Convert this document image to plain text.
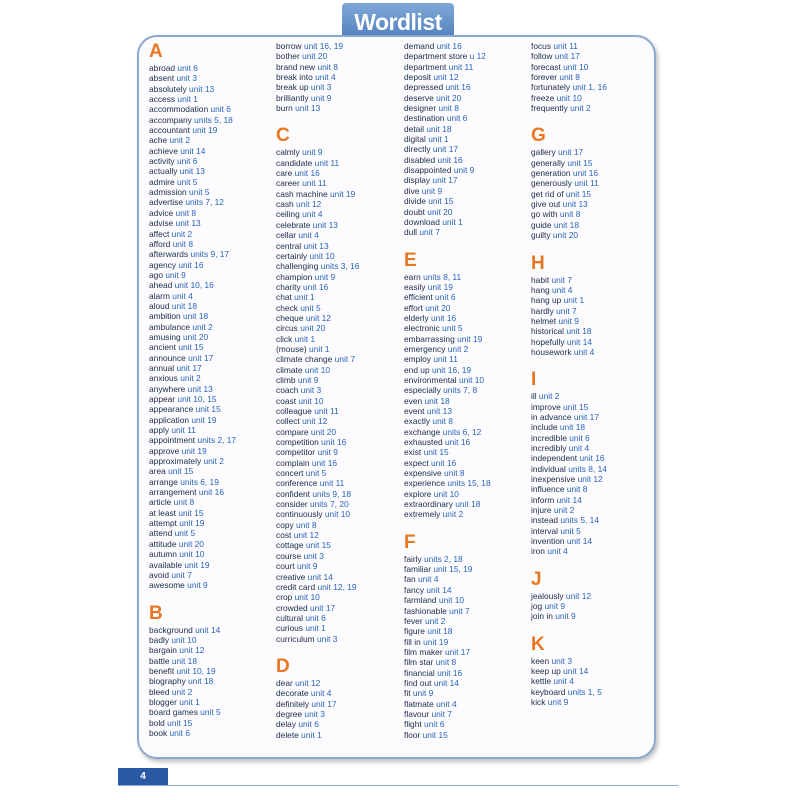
Wordlist
A
abroad unit 6
absent unit 3
absolutely unit 13
access unit 1
accommodation unit 6
accompany units 5, 18
accountant unit 19
ache unit 2
achieve unit 14
activity unit 6
actually unit 13
admire unit 5
admission unit 5
advertise units 7, 12
advice unit 8
advise unit 13
affect unit 2
afford unit 8
afterwards units 9, 17
agency unit 16
ago unit 9
ahead unit 10, 16
alarm unit 4
aloud unit 18
ambition unit 18
ambulance unit 2
amusing unit 20
ancient unit 15
announce unit 17
annual unit 17
anxious unit 2
anywhere unit 13
appear unit 10, 15
appearance unit 15
application unit 19
apply unit 11
appointment units 2, 17
approve unit 19
approximately unit 2
area unit 15
arrange units 6, 19
arrangement unit 16
article unit 8
at least unit 15
attempt unit 19
attend unit 5
attitude unit 20
autumn unit 10
available unit 19
avoid unit 7
awesome unit 9
B
background unit 14
badly unit 10
bargain unit 12
battle unit 18
benefit unit 10, 19
biography unit 18
bleed unit 2
blogger unit 1
board games unit 5
bold unit 15
book unit 6
borrow unit 16, 19
bother unit 20
brand new unit 8
break into unit 4
break up unit 3
brilliantly unit 9
burn unit 13
C
calmly unit 9
candidate unit 11
care unit 16
career unit 11
cash machine unit 19
cash unit 12
ceiling unit 4
celebrate unit 13
cellar unit 4
central unit 13
certainly unit 10
challenging units 3, 16
champion unit 9
charity unit 16
chat unit 1
check unit 5
cheque unit 12
circus unit 20
click unit 1
(mouse) unit 1
climate change unit 7
climate unit 10
climb unit 9
coach unit 3
coast unit 10
colleague unit 11
collect unit 12
compare unit 20
competition unit 16
competitor unit 9
complain unit 16
concert unit 5
conference unit 11
confident units 9, 18
consider units 7, 20
continuously unit 10
copy unit 8
cost unit 12
cottage unit 15
course unit 3
court unit 9
creative unit 14
credit card unit 12, 19
crop unit 10
crowded unit 17
cultural unit 6
curious unit 1
curriculum unit 3
D
dear unit 12
decorate unit 4
definitely unit 17
degree unit 3
delay unit 6
delete unit 1
demand unit 16
department store u 12
department unit 11
deposit unit 12
depressed unit 16
deserve unit 20
designer unit 8
destination unit 6
detail unit 18
digital unit 1
directly unit 17
disabled unit 16
disappointed unit 9
display unit 17
dive unit 9
divide unit 15
doubt unit 20
download unit 1
dull unit 7
E
earn units 8, 11
easily unit 19
efficient unit 6
effort unit 20
elderly unit 16
electronic unit 5
embarrassing unit 19
emergency unit 2
employ unit 11
end up unit 16, 19
environmental unit 10
especially units 7, 8
even unit 18
event unit 13
exactly unit 8
exchange units 6, 12
exhausted unit 16
exist unit 15
expect unit 16
expensive unit 8
experience units 15, 18
explore unit 10
extraordinary unit 18
extremely unit 2
F
fairly units 2, 18
familiar unit 15, 19
fan unit 4
fancy unit 14
farmland unit 10
fashionable unit 7
fever unit 2
figure unit 18
fill in unit 19
film maker unit 17
film star unit 8
financial unit 16
find out unit 14
fit unit 9
flatmate unit 4
flavour unit 7
flight unit 6
floor unit 15
focus unit 11
follow unit 17
forecast unit 10
forever unit 8
fortunately unit 1, 16
freeze unit 10
frequently unit 2
G
gallery unit 17
generally unit 15
generation unit 16
generously unit 11
get rid of unit 15
give out unit 13
go with unit 8
guide unit 18
guilty unit 20
H
habit unit 7
hang unit 4
hang up unit 1
hardly unit 7
helmet unit 9
historical unit 18
hopefully unit 14
housework unit 4
I
ill unit 2
improve unit 15
in advance unit 17
include unit 18
incredible unit 6
incredibly unit 4
independent unit 16
individual units 8, 14
inexpensive unit 12
influence unit 8
inform unit 14
injure unit 2
instead units 5, 14
interval unit 5
invention unit 14
iron unit 4
J
jealously unit 12
jog unit 9
join in unit 9
K
keen unit 3
keep up unit 14
kettle unit 4
keyboard units 1, 5
kick unit 9
4
